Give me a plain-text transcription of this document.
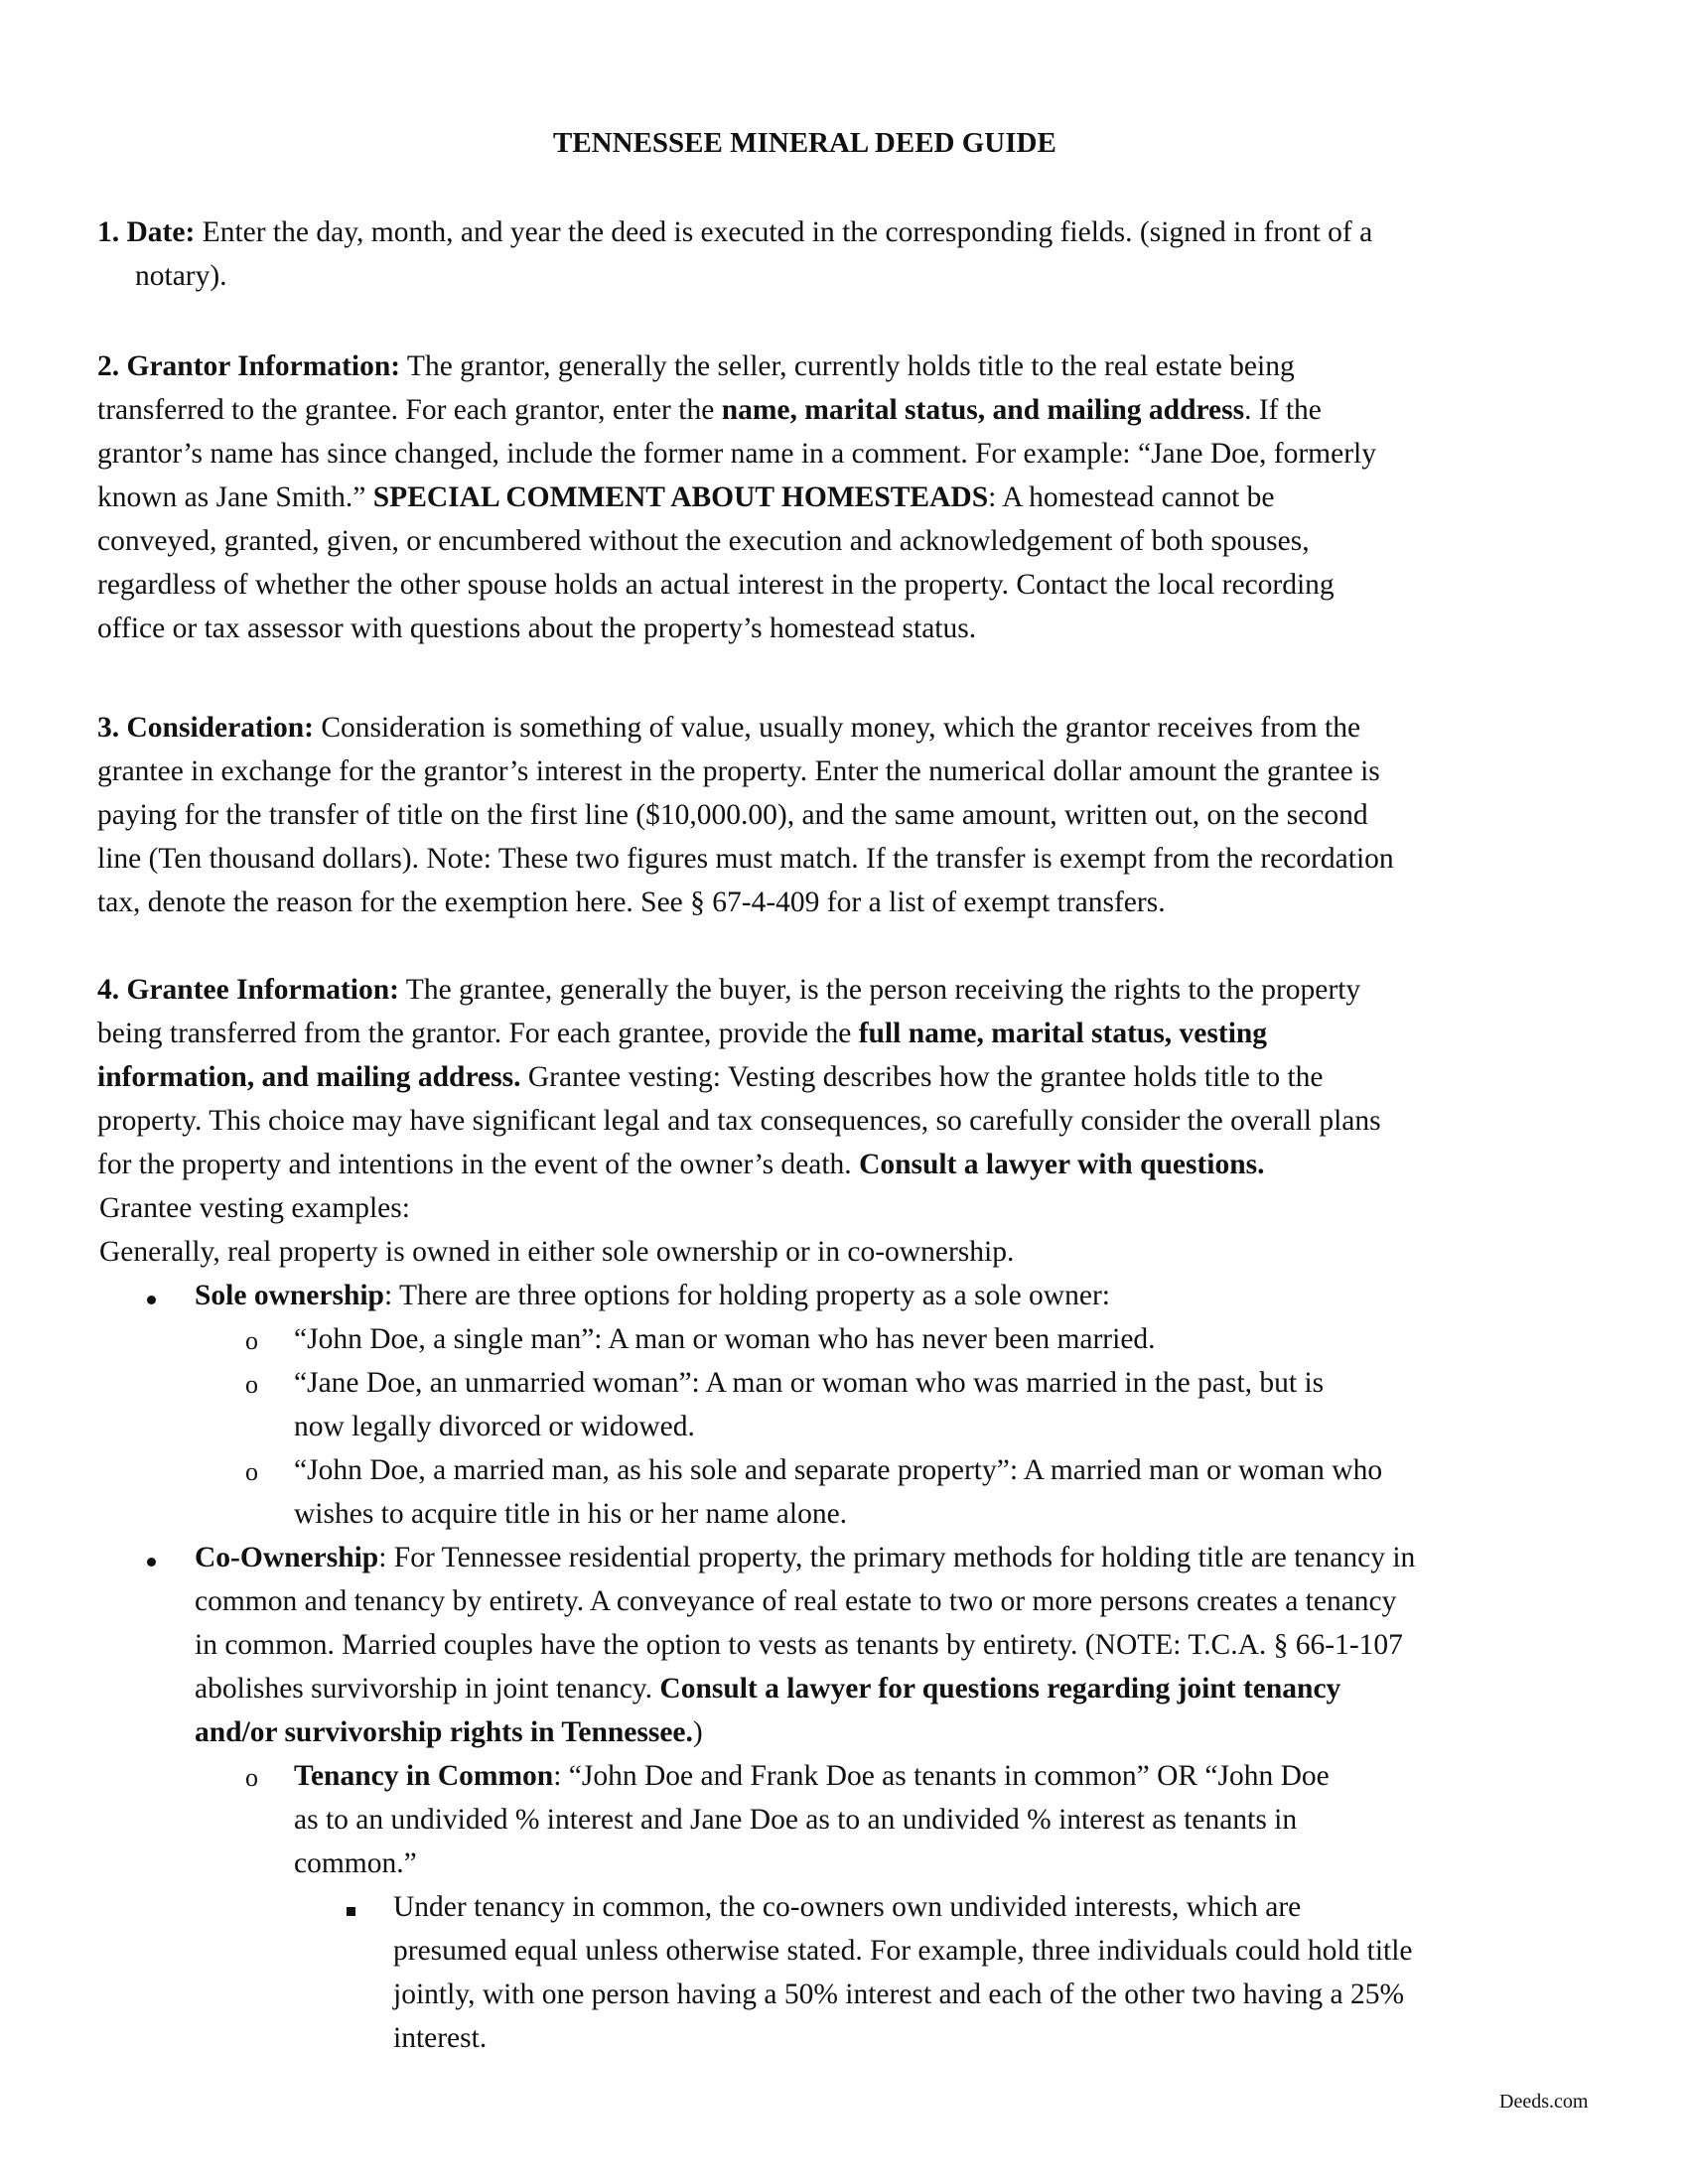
TENNESSEE MINERAL DEED GUIDE
1. Date: Enter the day, month, and year the deed is executed in the corresponding fields. (signed in front of a
notary).
2. Grantor Information: The grantor, generally the seller, currently holds title to the real estate being
transferred to the grantee. For each grantor, enter the name, marital status, and mailing address. If the
grantor’s name has since changed, include the former name in a comment. For example: “Jane Doe, formerly
known as Jane Smith.” SPECIAL COMMENT ABOUT HOMESTEADS: A homestead cannot be
conveyed, granted, given, or encumbered without the execution and acknowledgement of both spouses,
regardless of whether the other spouse holds an actual interest in the property. Contact the local recording
office or tax assessor with questions about the property’s homestead status.
3. Consideration: Consideration is something of value, usually money, which the grantor receives from the
grantee in exchange for the grantor’s interest in the property. Enter the numerical dollar amount the grantee is
paying for the transfer of title on the first line ($10,000.00), and the same amount, written out, on the second
line (Ten thousand dollars). Note: These two figures must match. If the transfer is exempt from the recordation
tax, denote the reason for the exemption here. See § 67-4-409 for a list of exempt transfers.
4. Grantee Information: The grantee, generally the buyer, is the person receiving the rights to the property
being transferred from the grantor. For each grantee, provide the full name, marital status, vesting
information, and mailing address. Grantee vesting: Vesting describes how the grantee holds title to the
property. This choice may have significant legal and tax consequences, so carefully consider the overall plans
for the property and intentions in the event of the owner’s death. Consult a lawyer with questions.
Grantee vesting examples:
Generally, real property is owned in either sole ownership or in co-ownership.
Sole ownership: There are three options for holding property as a sole owner:
o “John Doe, a single man”: A man or woman who has never been married.
o “Jane Doe, an unmarried woman”: A man or woman who was married in the past, but is
now legally divorced or widowed.
o “John Doe, a married man, as his sole and separate property”: A married man or woman who
wishes to acquire title in his or her name alone.
Co-Ownership: For Tennessee residential property, the primary methods for holding title are tenancy in
common and tenancy by entirety. A conveyance of real estate to two or more persons creates a tenancy
in common. Married couples have the option to vests as tenants by entirety. (NOTE: T.C.A. § 66-1-107
abolishes survivorship in joint tenancy. Consult a lawyer for questions regarding joint tenancy
and/or survivorship rights in Tennessee.)
o Tenancy in Common: “John Doe and Frank Doe as tenants in common” OR “John Doe
as to an undivided % interest and Jane Doe as to an undivided % interest as tenants in
common.”
Under tenancy in common, the co-owners own undivided interests, which are
presumed equal unless otherwise stated. For example, three individuals could hold title
jointly, with one person having a 50% interest and each of the other two having a 25%
interest.
Deeds.com
